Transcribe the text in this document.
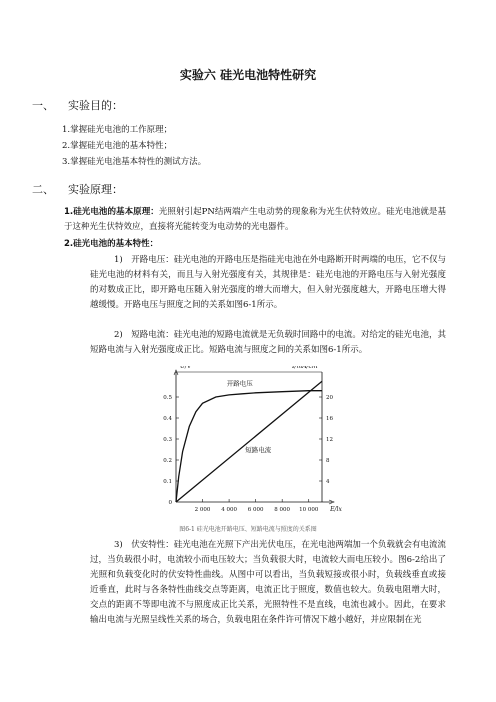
实验六 硅光电池特性研究
一、 实验目的：
1.掌握硅光电池的工作原理；
2.掌握硅光电池的基本特性；
3.掌握硅光电池基本特性的测试方法。
二、 实验原理：
1.硅光电池的基本原理：光照射引起PN结两端产生电动势的现象称为光生伏特效应。硅光电池就是基于这种光生伏特效应，直接将光能转变为电动势的光电器件。
2.硅光电池的基本特性：
1)　开路电压：硅光电池的开路电压是指硅光电池在外电路断开时两端的电压，它不仅与硅光电池的材料有关，而且与入射光强度有关，其规律是：硅光电池的开路电压与入射光强度的对数成正比，即开路电压随入射光强度的增大而增大，但入射光强度越大，开路电压增大得越缓慢。开路电压与照度之间的关系如图6-1所示。
2)　短路电流：硅光电池的短路电流就是无负载时回路中的电流。对给定的硅光电池，其短路电流与入射光强度成正比。短路电流与照度之间的关系如图6-1所示。
U/V	I/mA/cm²
E/lx
0
0.1
0.2
0.3
0.4
0.5
4
8
12
16
20
2 000 4 000 6 000 8 000 10 000
开路电压
短路电流
图6-1 硅光电池开路电压、短路电流与照度的关系图
3)　伏安特性：硅光电池在光照下产出光伏电压，在光电池两端加一个负载就会有电流流过，当负载很小时，电流较小而电压较大；当负载很大时，电流较大而电压较小。图6-2给出了光照和负载变化时的伏安特性曲线。从图中可以看出，当负载短接或很小时，负载线垂直或接近垂直，此时与各条特性曲线交点等距离，电流正比于照度，数值也较大。负载电阻增大时，交点的距离不等即电流不与照度成正比关系，光照特性不是直线，电流也减小。因此，在要求输出电流与光照呈线性关系的场合，负载电阻在条件许可情况下越小越好，并应限制在光
